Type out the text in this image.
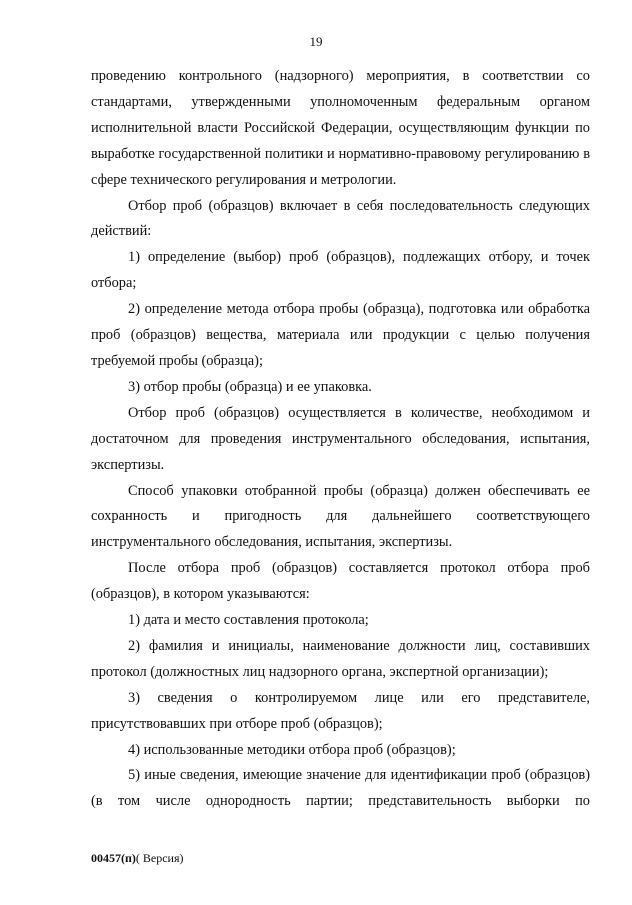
19

проведению контрольного (надзорного) мероприятия, в соответствии со стандартами, утвержденными уполномоченным федеральным органом исполнительной власти Российской Федерации, осуществляющим функции по выработке государственной политики и нормативно-правовому регулированию в сфере технического регулирования и метрологии.

Отбор проб (образцов) включает в себя последовательность следующих действий:

1) определение (выбор) проб (образцов), подлежащих отбору, и точек отбора;

2) определение метода отбора пробы (образца), подготовка или обработка проб (образцов) вещества, материала или продукции с целью получения требуемой пробы (образца);

3) отбор пробы (образца) и ее упаковка.

Отбор проб (образцов) осуществляется в количестве, необходимом и достаточном для проведения инструментального обследования, испытания, экспертизы.

Способ упаковки отобранной пробы (образца) должен обеспечивать ее сохранность и пригодность для дальнейшего соответствующего инструментального обследования, испытания, экспертизы.

После отбора проб (образцов) составляется протокол отбора проб (образцов), в котором указываются:

1) дата и место составления протокола;

2) фамилия и инициалы, наименование должности лиц, составивших протокол (должностных лиц надзорного органа, экспертной организации);

3) сведения о контролируемом лице или его представителе, присутствовавших при отборе проб (образцов);

4) использованные методики отбора проб (образцов);

5) иные сведения, имеющие значение для идентификации проб (образцов) (в том числе однородность партии; представительность выборки по

00457(п)( Версия)
